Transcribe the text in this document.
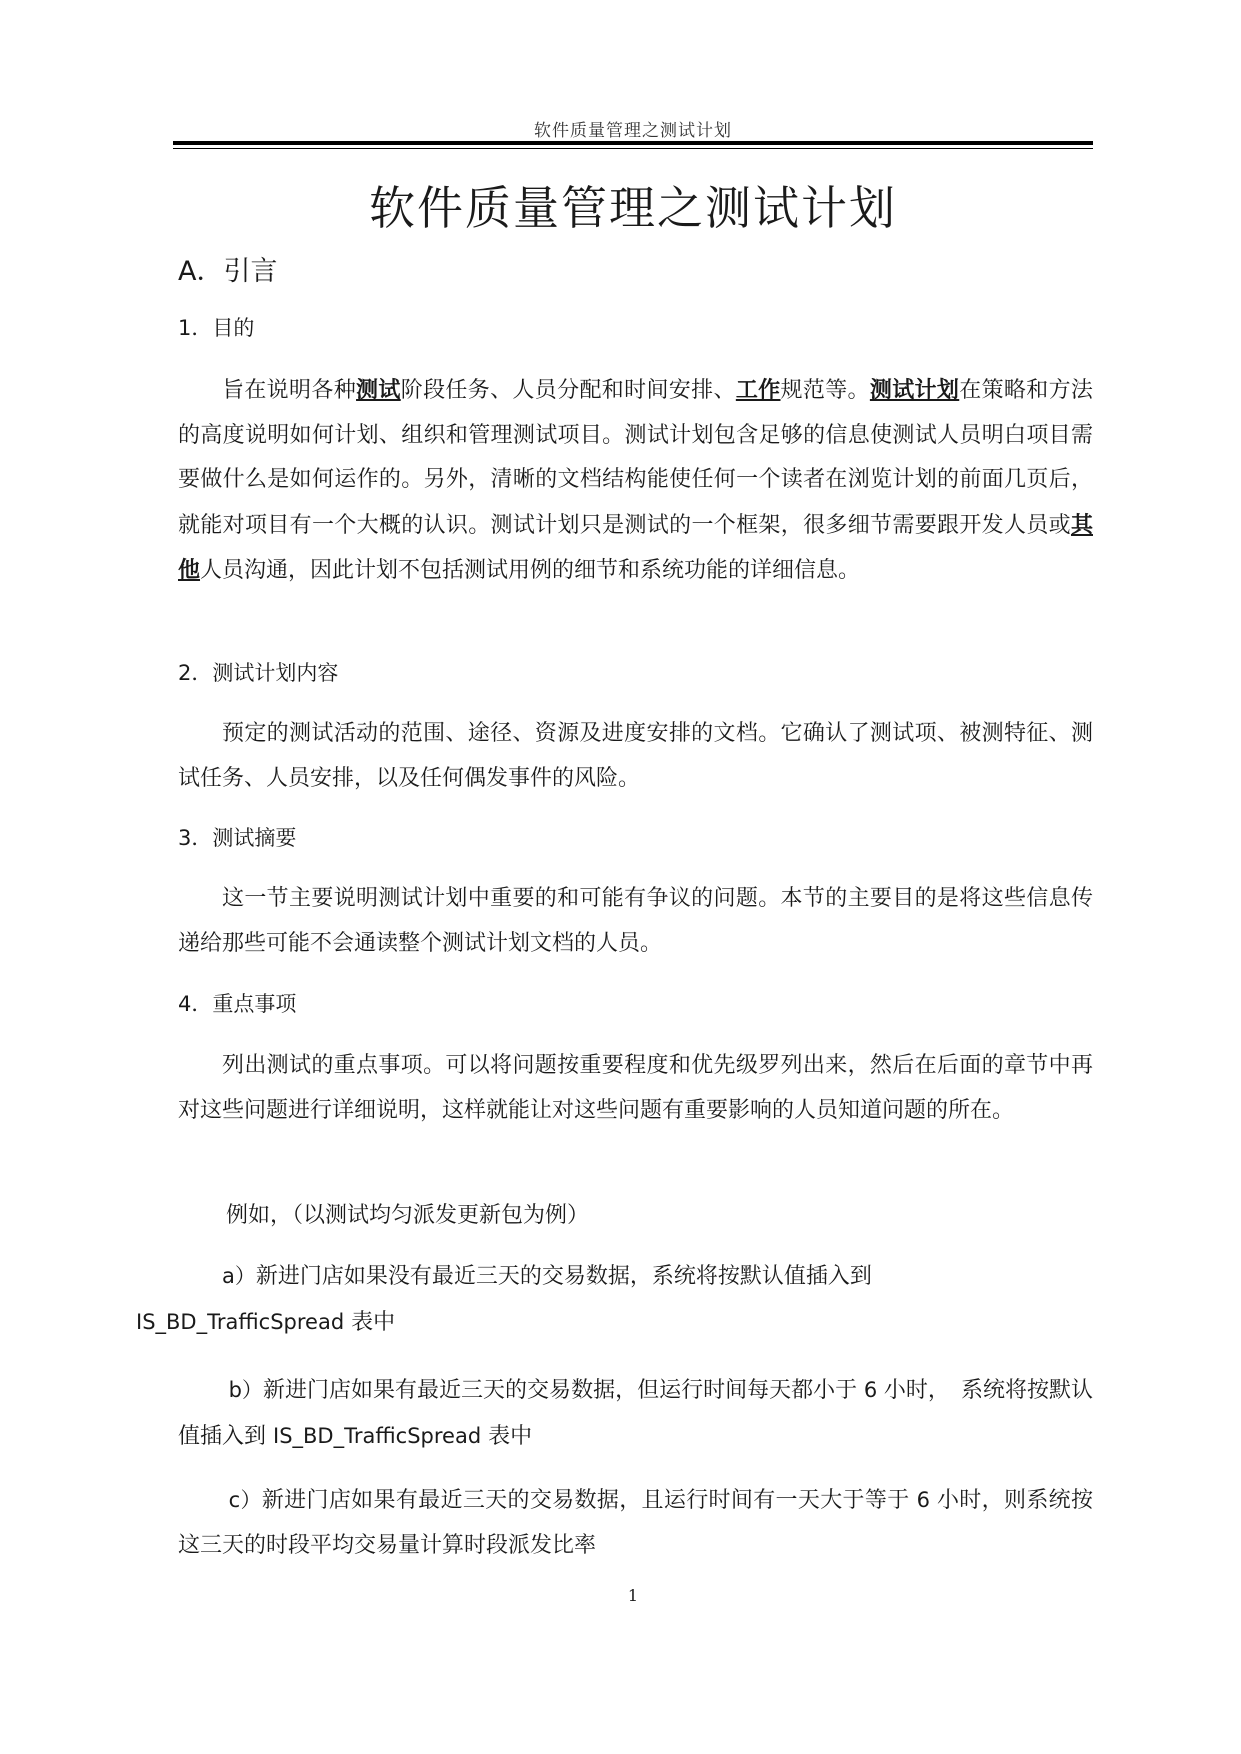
软件质量管理之测试计划
软件质量管理之测试计划
A．引言
1．目的

旨在说明各种测试阶段任务、人员分配和时间安排、工作规范等。测试计划在策略和方法的高度说明如何计划、组织和管理测试项目。测试计划包含足够的信息使测试人员明白项目需要做什么是如何运作的。另外，清晰的文档结构能使任何一个读者在浏览计划的前面几页后，就能对项目有一个大概的认识。测试计划只是测试的一个框架，很多细节需要跟开发人员或其他人员沟通，因此计划不包括测试用例的细节和系统功能的详细信息。

2．测试计划内容

预定的测试活动的范围、途径、资源及进度安排的文档。它确认了测试项、被测特征、测试任务、人员安排，以及任何偶发事件的风险。

3．测试摘要

这一节主要说明测试计划中重要的和可能有争议的问题。本节的主要目的是将这些信息传递给那些可能不会通读整个测试计划文档的人员。

4．重点事项

列出测试的重点事项。可以将问题按重要程度和优先级罗列出来，然后在后面的章节中再对这些问题进行详细说明，这样就能让对这些问题有重要影响的人员知道问题的所在。

例如，（以测试均匀派发更新包为例）

a）新进门店如果没有最近三天的交易数据，系统将按默认值插入到
IS_BD_TrafficSpread 表中

b）新进门店如果有最近三天的交易数据，但运行时间每天都小于 6 小时，　系统将按默认值插入到 IS_BD_TrafficSpread 表中

c）新进门店如果有最近三天的交易数据，且运行时间有一天大于等于 6 小时，则系统按这三天的时段平均交易量计算时段派发比率

1
